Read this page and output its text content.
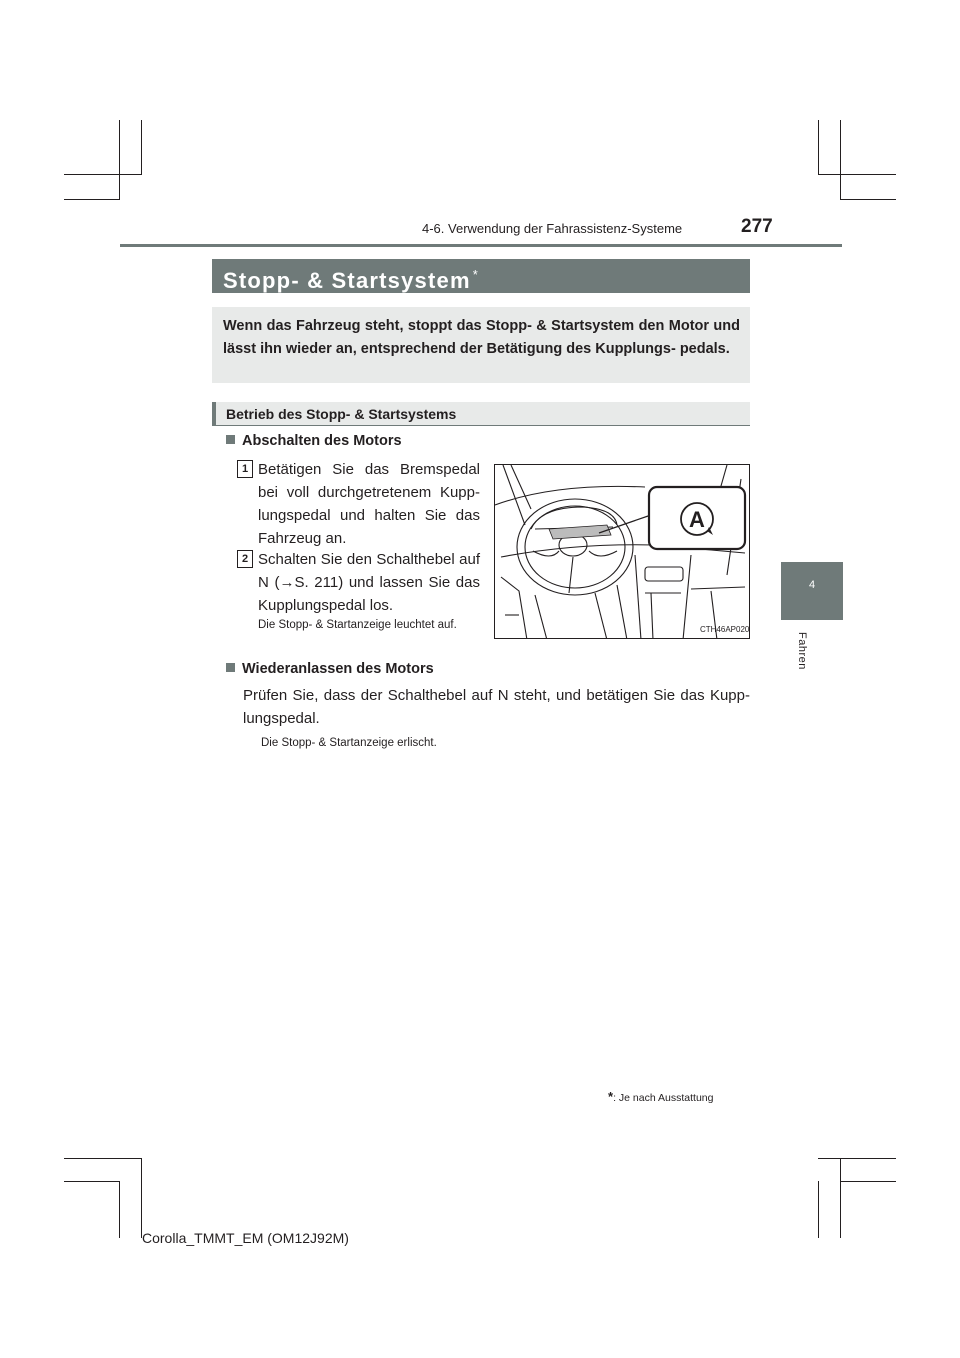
4-6. Verwendung der Fahrassistenz-Systeme	277
4
Fahren
Stopp- & Startsystem *
Wenn das Fahrzeug steht, stoppt das Stopp- & Startsystem den Motor und lässt ihn wieder an, entsprechend der Betätigung des Kupplungs- pedals.
Betrieb des Stopp- & Startsystems
Abschalten des Motors
1 Betätigen Sie das Bremspedal bei voll durchgetretenem Kupp- lungspedal und halten Sie das Fahrzeug an.
2 Schalten Sie den Schalthebel auf N (→S. 211) und lassen Sie das Kupplungspedal los.
Die Stopp- & Startanzeige leuchtet auf.
A
CTH46AP020
Wiederanlassen des Motors
Prüfen Sie, dass der Schalthebel auf N steht, und betätigen Sie das Kupp- lungspedal.
Die Stopp- & Startanzeige erlischt.
*: Je nach Ausstattung
Corolla_TMMT_EM (OM12J92M)
